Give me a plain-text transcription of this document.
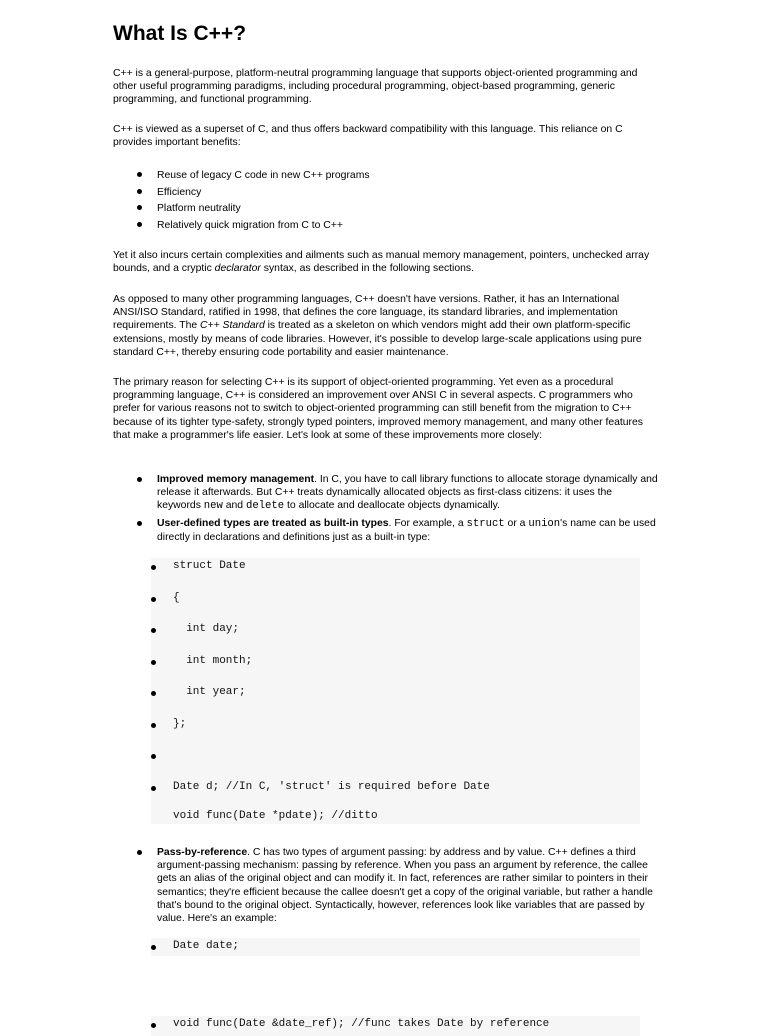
What Is C++?

C++ is a general-purpose, platform-neutral programming language that supports object-oriented programming and other useful programming paradigms, including procedural programming, object-based programming, generic programming, and functional programming.

C++ is viewed as a superset of C, and thus offers backward compatibility with this language. This reliance on C provides important benefits:

Reuse of legacy C code in new C++ programs
Efficiency
Platform neutrality
Relatively quick migration from C to C++

Yet it also incurs certain complexities and ailments such as manual memory management, pointers, unchecked array bounds, and a cryptic declarator syntax, as described in the following sections.

As opposed to many other programming languages, C++ doesn't have versions. Rather, it has an International ANSI/ISO Standard, ratified in 1998, that defines the core language, its standard libraries, and implementation requirements. The C++ Standard is treated as a skeleton on which vendors might add their own platform-specific extensions, mostly by means of code libraries. However, it's possible to develop large-scale applications using pure standard C++, thereby ensuring code portability and easier maintenance.

The primary reason for selecting C++ is its support of object-oriented programming. Yet even as a procedural programming language, C++ is considered an improvement over ANSI C in several aspects. C programmers who prefer for various reasons not to switch to object-oriented programming can still benefit from the migration to C++ because of its tighter type-safety, strongly typed pointers, improved memory management, and many other features that make a programmer's life easier. Let's look at some of these improvements more closely:

Improved memory management. In C, you have to call library functions to allocate storage dynamically and release it afterwards. But C++ treats dynamically allocated objects as first-class citizens: it uses the keywords new and delete to allocate and deallocate objects dynamically.
User-defined types are treated as built-in types. For example, a struct or a union's name can be used directly in declarations and definitions just as a built-in type:
struct Date
{
int day;
int month;
int year;
};
Date d; //In C, 'struct' is required before Date
void func(Date *pdate); //ditto
Pass-by-reference. C has two types of argument passing: by address and by value. C++ defines a third argument-passing mechanism: passing by reference. When you pass an argument by reference, the callee gets an alias of the original object and can modify it. In fact, references are rather similar to pointers in their semantics; they're efficient because the callee doesn't get a copy of the original variable, but rather a handle that's bound to the original object. Syntactically, however, references look like variables that are passed by value. Here's an example:
Date date;
void func(Date &date_ref); //func takes Date by reference
